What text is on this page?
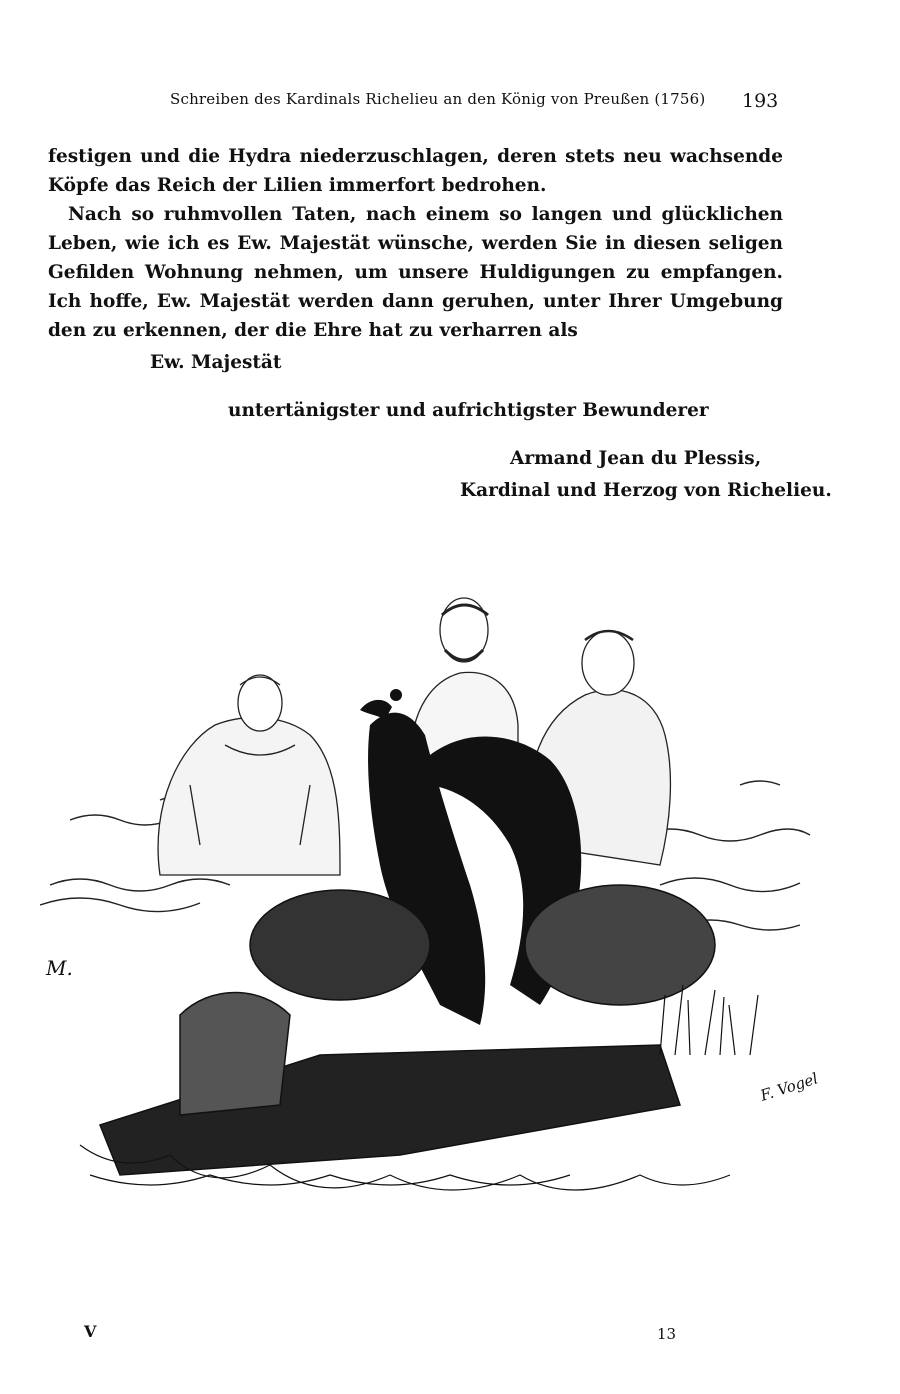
Schreiben des Kardinals Richelieu an den König von Preußen (1756) 193

festigen und die Hydra niederzuschlagen, deren stets neu wachsende Köpfe das Reich der Lilien immerfort bedrohen.

Nach so ruhmvollen Taten, nach einem so langen und glücklichen Leben, wie ich es Ew. Majestät wünsche, werden Sie in diesen seligen Gefilden Wohnung nehmen, um unsere Huldigungen zu empfangen. Ich hoffe, Ew. Majestät werden dann geruhen, unter Ihrer Umgebung den zu erkennen, der die Ehre hat zu verharren als

Ew. Majestät
untertänigster und aufrichtigster Bewunderer
Armand Jean du Plessis,
Kardinal und Herzog von Richelieu.
M.
F. Vogel
V	13
